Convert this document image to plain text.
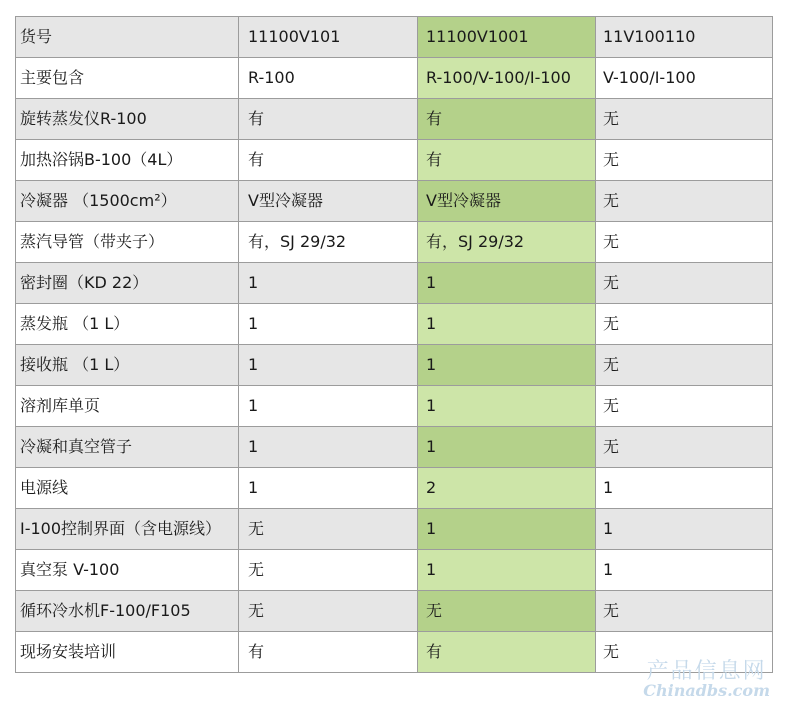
货号	11100V101	11100V1001	11V100110
主要包含	R-100	R-100/V-100/I-100	V-100/I-100
旋转蒸发仪R-100	有	有	无
加热浴锅B-100（4L）	有	有	无
冷凝器 （1500cm²）	V型冷凝器	V型冷凝器	无
蒸汽导管（带夹子）	有，SJ 29/32	有，SJ 29/32	无
密封圈（KD 22）	1	1	无
蒸发瓶 （1 L）	1	1	无
接收瓶 （1 L）	1	1	无
溶剂库单页	1	1	无
冷凝和真空管子	1	1	无
电源线	1	2	1
I-100控制界面（含电源线）	无	1	1
真空泵 V-100	无	1	1
循环冷水机F-100/F105	无	无	无
现场安装培训	有	有	无
产品信息网
Chinadbs.com
